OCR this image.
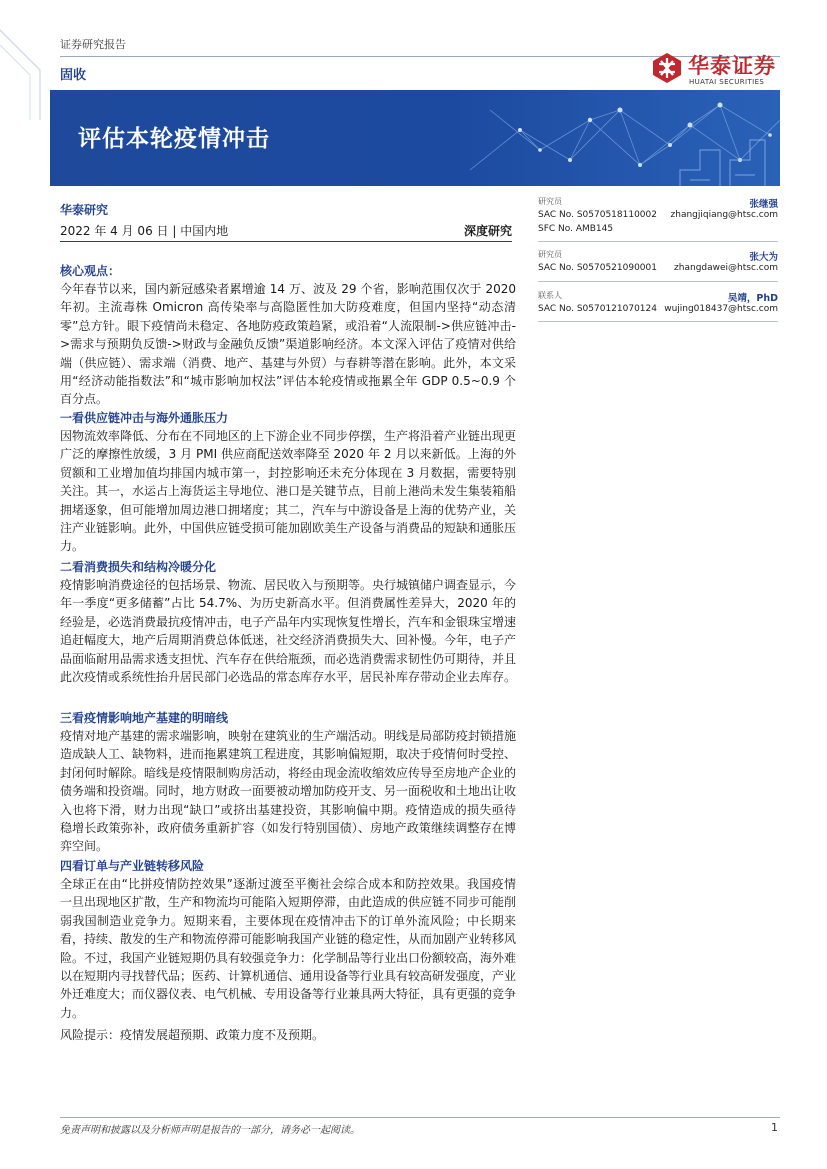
证券研究报告
固收	华泰证券
HUATAI SECURITIES
评估本轮疫情冲击
华泰研究
2022 年 4 月 06 日 | 中国内地	深度研究
核心观点：
今年春节以来，国内新冠感染者累增逾 14 万、波及 29 个省，影响范围仅次于 2020 年初。主流毒株 Omicron 高传染率与高隐匿性加大防疫难度，但国内坚持“动态清零”总方针。眼下疫情尚未稳定、各地防疫政策趋紧，或沿着“人流限制->供应链冲击->需求与预期负反馈->财政与金融负反馈”渠道影响经济。本文深入评估了疫情对供给端（供应链）、需求端（消费、地产、基建与外贸）与春耕等潜在影响。此外，本文采用“经济动能指数法”和“城市影响加权法”评估本轮疫情或拖累全年 GDP 0.5~0.9 个百分点。
一看供应链冲击与海外通胀压力
因物流效率降低、分布在不同地区的上下游企业不同步停摆，生产将沿着产业链出现更广泛的摩擦性放缓，3 月 PMI 供应商配送效率降至 2020 年 2 月以来新低。上海的外贸额和工业增加值均排国内城市第一，封控影响还未充分体现在 3 月数据，需要特别关注。其一，水运占上海货运主导地位、港口是关键节点，目前上港尚未发生集装箱船拥堵逐象，但可能增加周边港口拥堵度；其二，汽车与中游设备是上海的优势产业，关注产业链影响。此外，中国供应链受损可能加剧欧美生产设备与消费品的短缺和通胀压力。
二看消费损失和结构冷暖分化
疫情影响消费途径的包括场景、物流、居民收入与预期等。央行城镇储户调查显示，今年一季度“更多储蓄”占比 54.7%、为历史新高水平。但消费属性差异大，2020 年的经验是，必选消费最抗疫情冲击，电子产品年内实现恢复性增长，汽车和金银珠宝增速追赶幅度大，地产后周期消费总体低迷，社交经济消费损失大、回补慢。今年，电子产品面临耐用品需求透支担忧、汽车存在供给瓶颈，而必选消费需求韧性仍可期待，并且此次疫情或系统性抬升居民部门必选品的常态库存水平，居民补库存带动企业去库存。
三看疫情影响地产基建的明暗线
疫情对地产基建的需求端影响，映射在建筑业的生产端活动。明线是局部防疫封锁措施造成缺人工、缺物料，进而拖累建筑工程进度，其影响偏短期，取决于疫情何时受控、封闭何时解除。暗线是疫情限制购房活动，将经由现金流收缩效应传导至房地产企业的债务端和投资端。同时，地方财政一面要被动增加防疫开支、另一面税收和土地出让收入也将下滑，财力出现“缺口”或挤出基建投资，其影响偏中期。疫情造成的损失亟待稳增长政策弥补，政府债务重新扩容（如发行特别国债）、房地产政策继续调整存在博弈空间。
四看订单与产业链转移风险
全球正在由“比拼疫情防控效果”逐渐过渡至平衡社会综合成本和防控效果。我国疫情一旦出现地区扩散，生产和物流均可能陷入短期停滞，由此造成的供应链不同步可能削弱我国制造业竞争力。短期来看，主要体现在疫情冲击下的订单外流风险；中长期来看，持续、散发的生产和物流停滞可能影响我国产业链的稳定性，从而加剧产业转移风险。不过，我国产业链短期仍具有较强竞争力：化学制品等行业出口份额较高，海外难以在短期内寻找替代品；医药、计算机通信、通用设备等行业具有较高研发强度，产业外迁难度大；而仪器仪表、电气机械、专用设备等行业兼具两大特征，具有更强的竞争力。
风险提示：疫情发展超预期、政策力度不及预期。
研究员	张继强
SAC No. S0570518110002 zhangjiqiang@htsc.com
SFC No. AMB145
研究员	张大为
SAC No. S0570521090001 zhangdawei@htsc.com
联系人	吴靖，PhD
SAC No. S0570121070124 wujing018437@htsc.com
免责声明和披露以及分析师声明是报告的一部分，请务必一起阅读。	1
